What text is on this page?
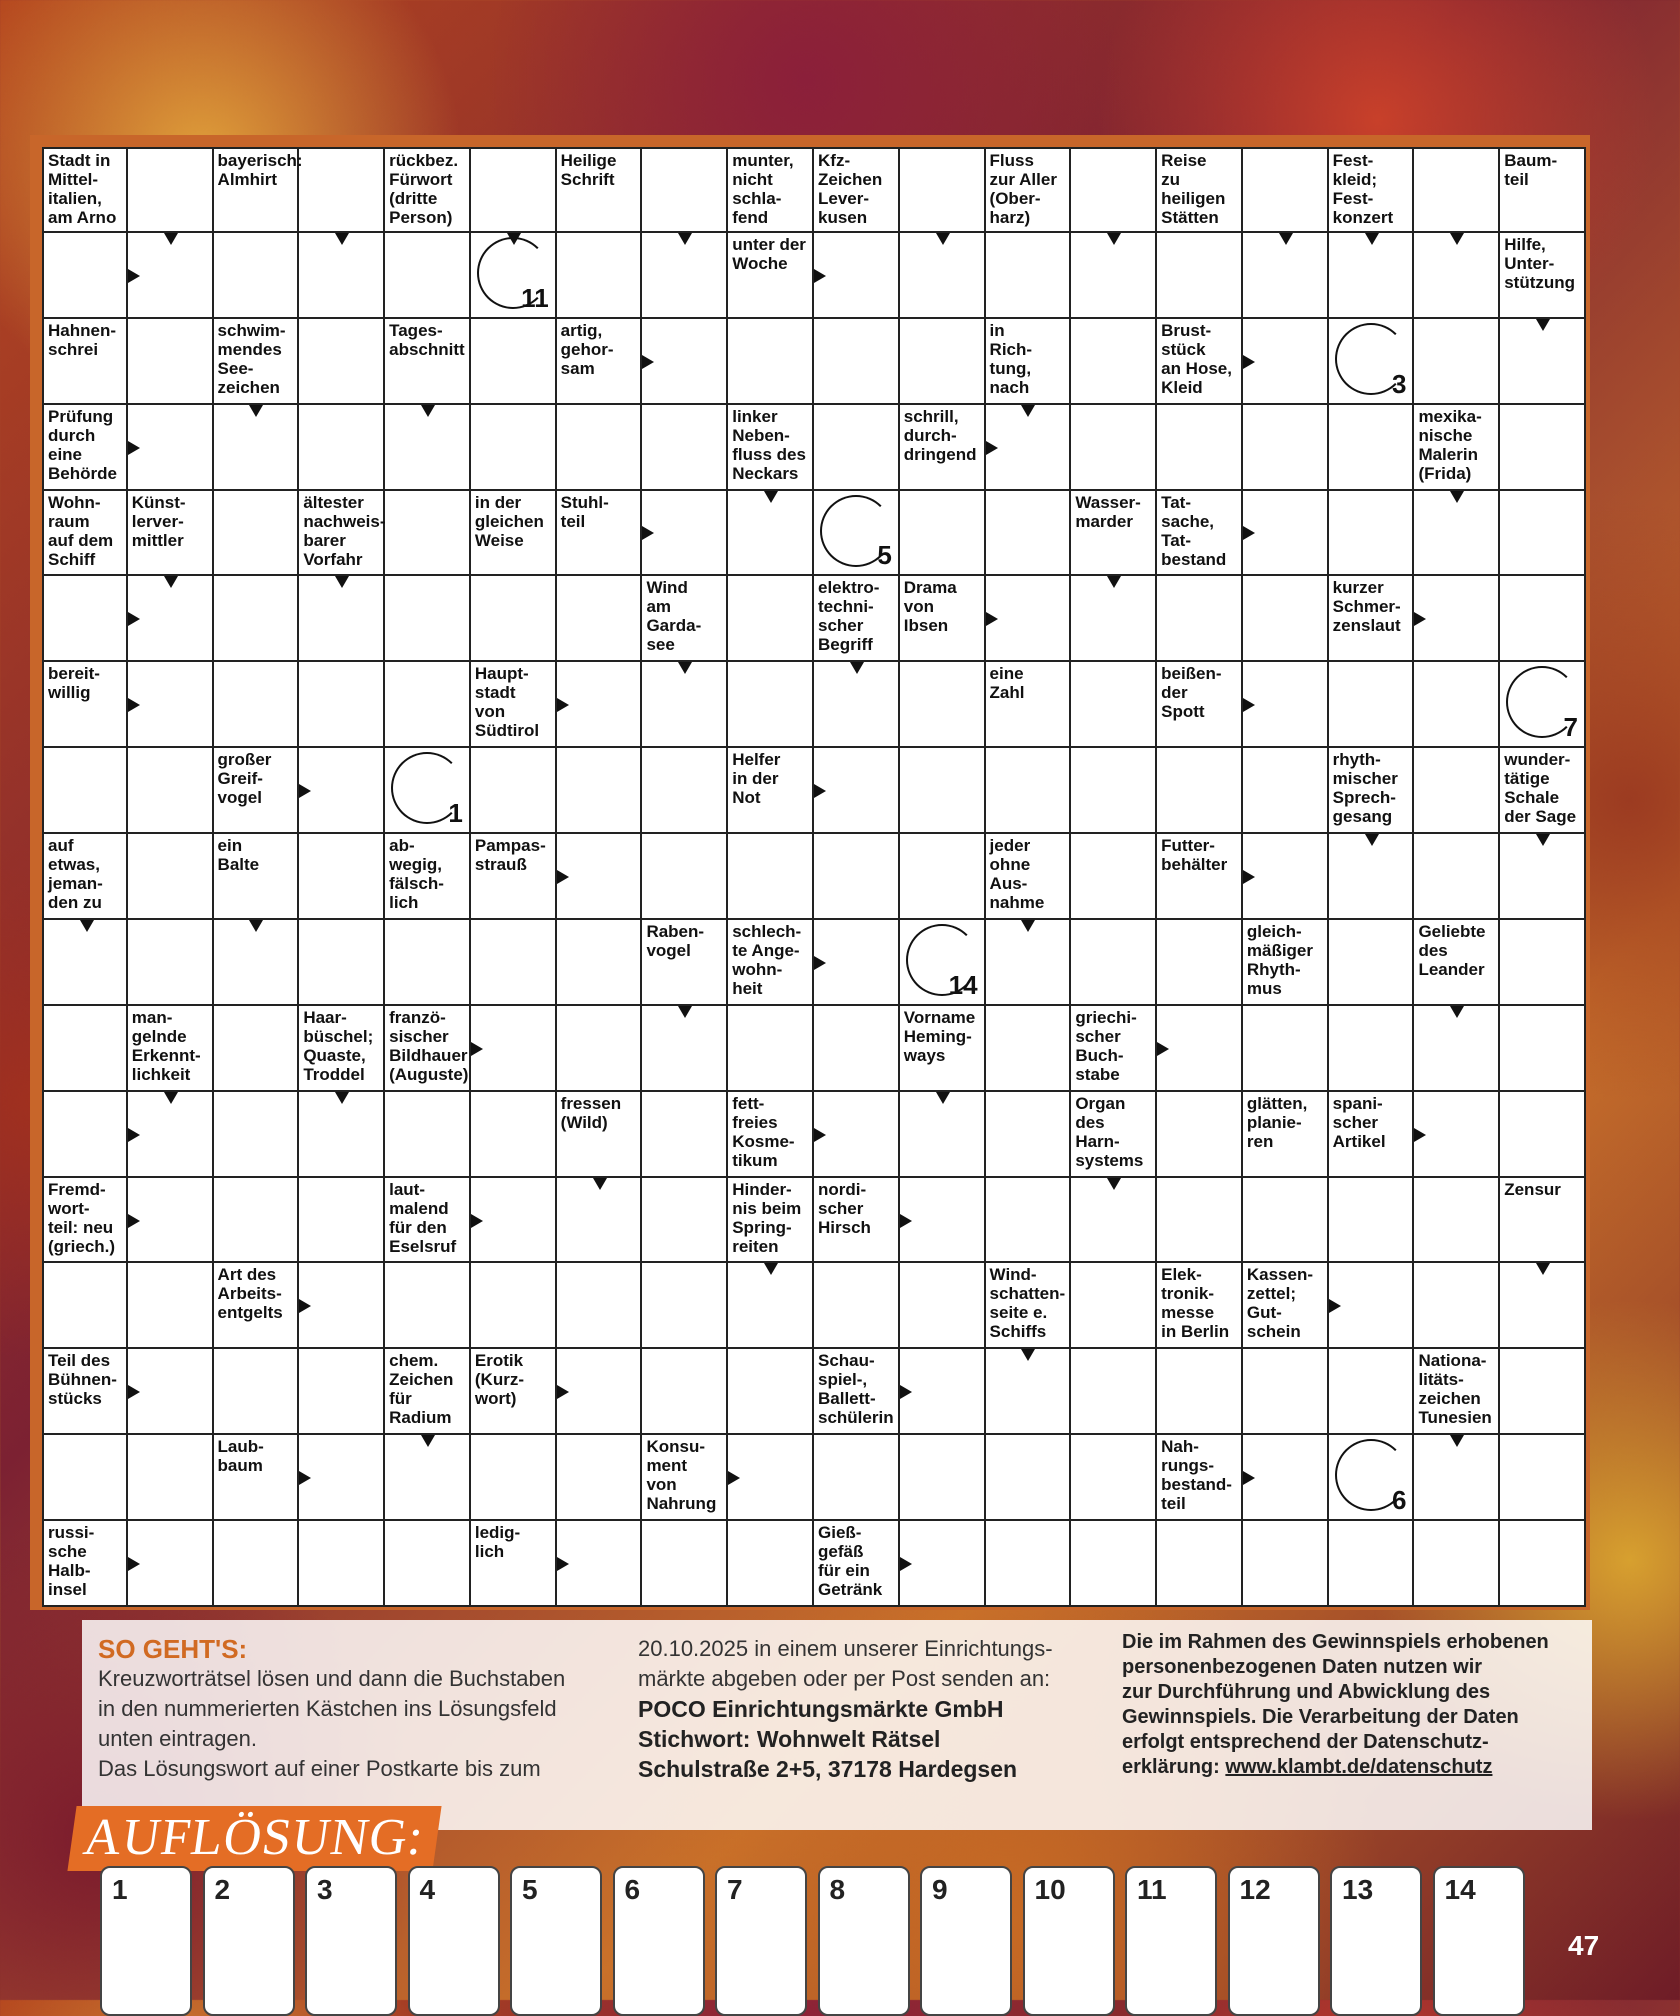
Stadt in
Mittel-
italien,
am Arno
bayerisch:
Almhirt
rückbez.
Fürwort
(dritte
Person)
Heilige
Schrift
munter,
nicht
schla-
fend
Kfz-
Zeichen
Lever-
kusen
Fluss
zur Aller
(Ober-
harz)
Reise
zu
heiligen
Stätten
Fest-
kleid;
Fest-
konzert
Baum-
teil
unter der
Woche
Hilfe,
Unter-
stützung
Hahnen-
schrei
schwim-
mendes
See-
zeichen
Tages-
abschnitt
artig,
gehor-
sam
in
Rich-
tung,
nach
Brust-
stück
an Hose,
Kleid
Prüfung
durch
eine
Behörde
linker
Neben-
fluss des
Neckars
schrill,
durch-
dringend
mexika-
nische
Malerin
(Frida)
Wohn-
raum
auf dem
Schiff
Künst-
lerver-
mittler
ältester
nachweis-
barer
Vorfahr
in der
gleichen
Weise
Stuhl-
teil
Wasser-
marder
Tat-
sache,
Tat-
bestand
Wind
am
Garda-
see
elektro-
techni-
scher
Begriff
Drama
von
Ibsen
kurzer
Schmer-
zenslaut
bereit-
willig
Haupt-
stadt
von
Südtirol
eine
Zahl
beißen-
der
Spott
großer
Greif-
vogel
Helfer
in der
Not
rhyth-
mischer
Sprech-
gesang
wunder-
tätige
Schale
der Sage
auf
etwas,
jeman-
den zu
ein
Balte
ab-
wegig,
fälsch-
lich
Pampas-
strauß
jeder
ohne
Aus-
nahme
Futter-
behälter
Raben-
vogel
schlech-
te Ange-
wohn-
heit
gleich-
mäßiger
Rhyth-
mus
Geliebte
des
Leander
man-
gelnde
Erkennt-
lichkeit
Haar-
büschel;
Quaste,
Troddel
franzö-
sischer
Bildhauer
(Auguste)
Vorname
Heming-
ways
griechi-
scher
Buch-
stabe
fressen
(Wild)
fett-
freies
Kosme-
tikum
Organ
des
Harn-
systems
glätten,
planie-
ren
spani-
scher
Artikel
Fremd-
wort-
teil: neu
(griech.)
laut-
malend
für den
Eselsruf
Hinder-
nis beim
Spring-
reiten
nordi-
scher
Hirsch
Zensur
Art des
Arbeits-
entgelts
Wind-
schatten-
seite e.
Schiffs
Elek-
tronik-
messe
in Berlin
Kassen-
zettel;
Gut-
schein
Teil des
Bühnen-
stücks
chem.
Zeichen
für
Radium
Erotik
(Kurz-
wort)
Schau-
spiel-,
Ballett-
schülerin
Nationa-
litäts-
zeichen
Tunesien
Laub-
baum
Konsu-
ment
von
Nahrung
Nah-
rungs-
bestand-
teil
russi-
sche
Halb-
insel
ledig-
lich
Gieß-
gefäß
für ein
Getränk
1
3
5
6
7
11
14
SO GEHT'S:
Kreuzworträtsel lösen und dann die Buchstaben
in den nummerierten Kästchen ins Lösungsfeld
unten eintragen.
Das Lösungswort auf einer Postkarte bis zum
20.10.2025 in einem unserer Einrichtungs-
märkte abgeben oder per Post senden an:
POCO Einrichtungsmärkte GmbH
Stichwort: Wohnwelt Rätsel
Schulstraße 2+5, 37178 Hardegsen
Die im Rahmen des Gewinnspiels erhobenen
personenbezogenen Daten nutzen wir
zur Durchführung und Abwicklung des
Gewinnspiels. Die Verarbeitung der Daten
erfolgt entsprechend der Datenschutz-
erklärung: www.klambt.de/datenschutz
AUFLÖSUNG:
1	2	3	4	5	6	7	8	9	10	11	12	13	14
47
